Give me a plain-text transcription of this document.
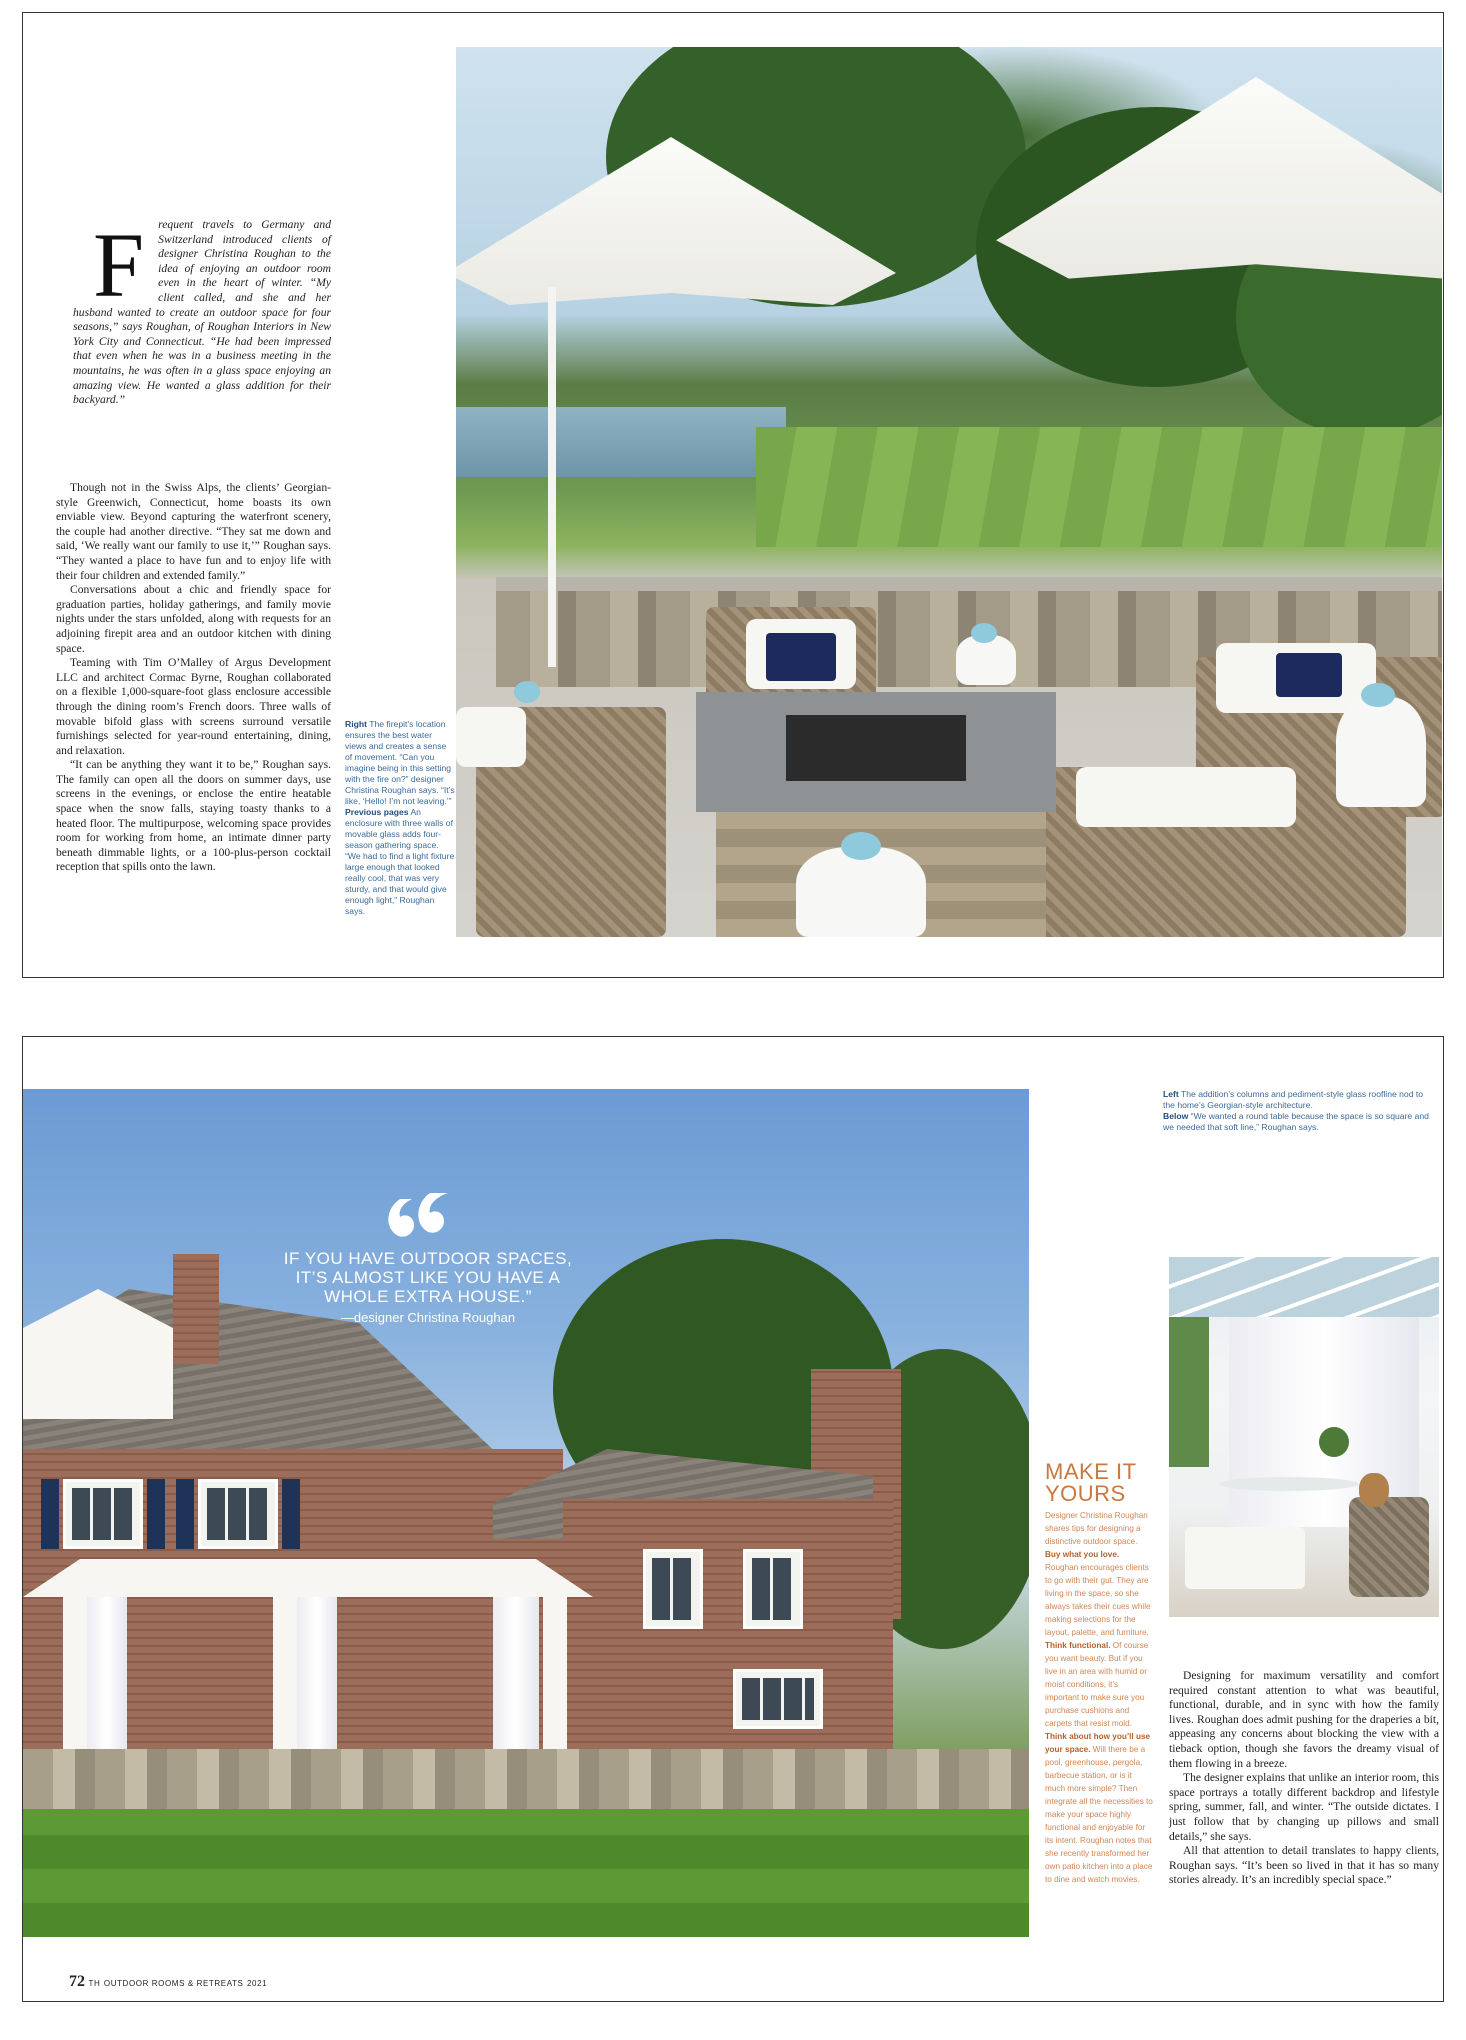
F requent travels to Germany and Switzerland introduced clients of designer Christina Roughan to the idea of enjoying an outdoor room even in the heart of winter. “My client called, and she and her husband wanted to create an outdoor space for four seasons,” says Roughan, of Roughan Interiors in New York City and Connecticut. “He had been impressed that even when he was in a business meeting in the mountains, he was often in a glass space enjoying an amazing view. He wanted a glass addition for their backyard.”

Though not in the Swiss Alps, the clients’ Georgian-style Greenwich, Connecticut, home boasts its own enviable view. Beyond capturing the waterfront scenery, the couple had another directive. “They sat me down and said, ‘We really want our family to use it,’” Roughan says. “They wanted a place to have fun and to enjoy life with their four children and extended family.”

Conversations about a chic and friendly space for graduation parties, holiday gatherings, and family movie nights under the stars unfolded, along with requests for an adjoining firepit area and an outdoor kitchen with dining space.

Teaming with Tim O’Malley of Argus Development LLC and architect Cormac Byrne, Roughan collaborated on a flexible 1,000-square-foot glass enclosure accessible through the dining room’s French doors. Three walls of movable bifold glass with screens surround versatile furnishings selected for year-round entertaining, dining, and relaxation.

“It can be anything they want it to be,” Roughan says. The family can open all the doors on summer days, use screens in the evenings, or enclose the entire heatable space when the snow falls, staying toasty thanks to a heated floor. The multipurpose, welcoming space provides room for working from home, an intimate dinner party beneath dimmable lights, or a 100-plus-person cocktail reception that spills onto the lawn.

Right The firepit’s location ensures the best water views and creates a sense of movement. “Can you imagine being in this setting with the fire on?” designer Christina Roughan says. “It’s like, ‘Hello! I’m not leaving.’”
Previous pages An enclosure with three walls of movable glass adds four-season gathering space. “We had to find a light fixture large enough that looked really cool, that was very sturdy, and that would give enough light,” Roughan says.
IF YOU HAVE OUTDOOR SPACES, IT’S ALMOST LIKE YOU HAVE A WHOLE EXTRA HOUSE.”
—designer Christina Roughan
Left The addition’s columns and pediment-style glass roofline nod to the home’s Georgian-style architecture.
Below “We wanted a round table because the space is so square and we needed that soft line,” Roughan says.
MAKE IT
YOURS
Designer Christina Roughan shares tips for designing a distinctive outdoor space. Buy what you love. Roughan encourages clients to go with their gut. They are living in the space, so she always takes their cues while making selections for the layout, palette, and furniture. Think functional. Of course you want beauty. But if you live in an area with humid or moist conditions, it’s important to make sure you purchase cushions and carpets that resist mold. Think about how you’ll use your space. Will there be a pool, greenhouse, pergola, barbecue station, or is it much more simple? Then integrate all the necessities to make your space highly functional and enjoyable for its intent. Roughan notes that she recently transformed her own patio kitchen into a place to dine and watch movies.

Designing for maximum versatility and comfort required constant attention to what was beautiful, functional, durable, and in sync with how the family lives. Roughan does admit pushing for the draperies a bit, appeasing any concerns about blocking the view with a tieback option, though she favors the dreamy visual of them flowing in a breeze.

The designer explains that unlike an interior room, this space portrays a totally different backdrop and lifestyle spring, summer, fall, and winter. “The outside dictates. I just follow that by changing up pillows and small details,” she says.

All that attention to detail translates to happy clients, Roughan says. “It’s been so lived in that it has so many stories already. It’s an incredibly special space.”

72 TH OUTDOOR ROOMS & RETREATS 2021
